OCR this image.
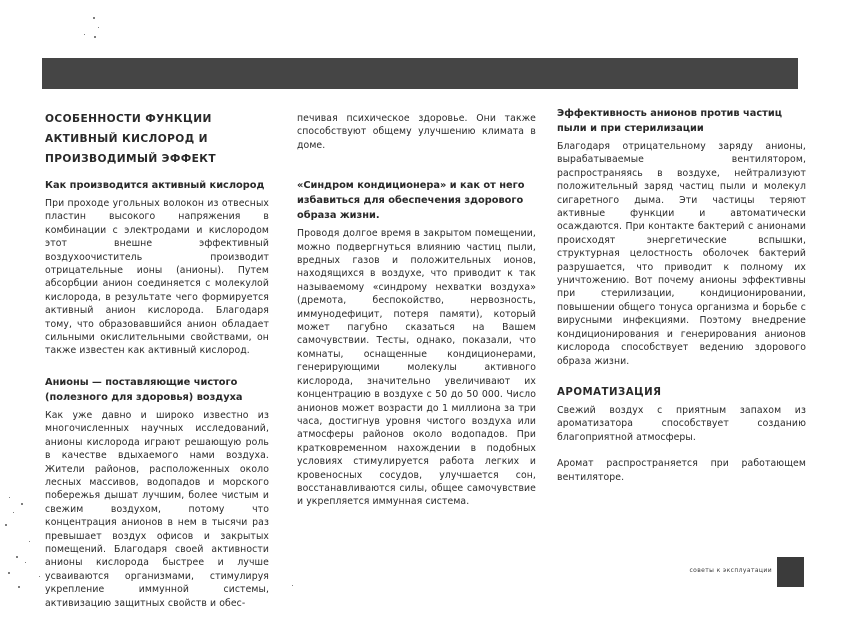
ОСОБЕННОСТИ ФУНКЦИИ АКТИВНЫЙ КИСЛОРОД И ПРОИЗВОДИМЫЙ ЭФФЕКТ
Как производится активный кислород

При проходе угольных волокон из отвесных пластин высокого напряжения в комбинации с электродами и кислородом этот внешне эффективный воздухоочиститель производит отрицательные ионы (анионы). Путем абсорбции анион соединяется с молекулой кислорода, в результате чего формируется активный анион кислорода. Благодаря тому, что образовавшийся анион обладает сильными окислительными свойствами, он также известен как активный кислород.

Анионы — поставляющие чистого (полезного для здоровья) воздуха

Как уже давно и широко известно из многочисленных научных исследований, анионы кислорода играют решающую роль в качестве вдыхаемого нами воздуха. Жители районов, расположенных около лесных массивов, водопадов и морского побережья дышат лучшим, более чистым и свежим воздухом, потому что концентрация анионов в нем в тысячи раз превышает воздух офисов и закрытых помещений. Благодаря своей активности анионы кислорода быстрее и лучше усваиваются организмами, стимулируя укрепление иммунной системы, активизацию защитных свойств и обес-

печивая психическое здоровье. Они также способствуют общему улучшению климата в доме.

«Синдром кондиционера» и как от него избавиться для обеспечения здорового образа жизни.

Проводя долгое время в закрытом помещении, можно подвергнуться влиянию частиц пыли, вредных газов и положительных ионов, находящихся в воздухе, что приводит к так называемому «синдрому нехватки воздуха» (дремота, беспокойство, нервозность, иммунодефицит, потеря памяти), который может пагубно сказаться на Вашем самочувствии. Тесты, однако, показали, что комнаты, оснащенные кондиционерами, генерирующими молекулы активного кислорода, значительно увеличивают их концентрацию в воздухе с 50 до 50 000. Число анионов может возрасти до 1 миллиона за три часа, достигнув уровня чистого воздуха или атмосферы районов около водопадов. При кратковременном нахождении в подобных условиях стимулируется работа легких и кровеносных сосудов, улучшается сон, восстанавливаются силы, общее самочувствие и укрепляется иммунная система.

Эффективность анионов против частиц пыли и при стерилизации

Благодаря отрицательному заряду анионы, вырабатываемые вентилятором, распространяясь в воздухе, нейтрализуют положительный заряд частиц пыли и молекул сигаретного дыма. Эти частицы теряют активные функции и автоматически осаждаются. При контакте бактерий с анионами происходят энергетические вспышки, структурная целостность оболочек бактерий разрушается, что приводит к полному их уничтожению. Вот почему анионы эффективны при стерилизации, кондиционировании, повышении общего тонуса организма и борьбе с вирусными инфекциями. Поэтому внедрение кондиционирования и генерирования анионов кислорода способствует ведению здорового образа жизни.

АРОМАТИЗАЦИЯ

Свежий воздух с приятным запахом из ароматизатора способствует созданию благоприятной атмосферы.

Аромат распространяется при работающем вентиляторе.

советы к эксплуатации
